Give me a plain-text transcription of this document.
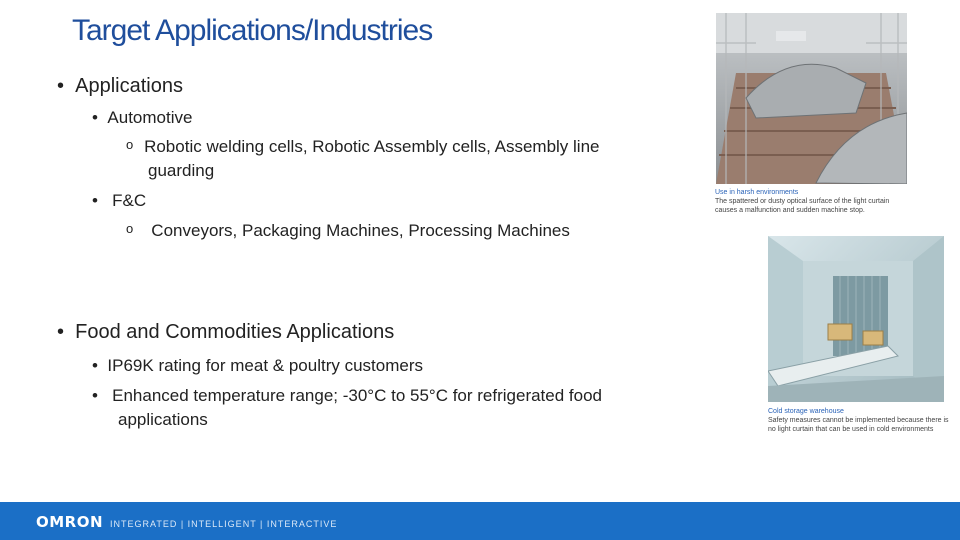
Target Applications/Industries
•  Applications
•  Automotive
$^o$   Robotic welding cells, Robotic Assembly cells, Assembly line
guarding
•   F&C
$^o$     Conveyors, Packaging Machines, Processing Machines
•  Food and Commodities Applications
•  IP69K rating for meat & poultry customers
•   Enhanced temperature range; -30°C to 55°C for refrigerated food
applications
Use in harsh environments
The spattered or dusty optical surface of the light curtain
causes a malfunction and sudden machine stop.
Cold storage warehouse
Safety measures cannot be implemented because there is
no light curtain that can be used in cold environments
OMRON INTEGRATED | INTELLIGENT | INTERACTIVE
